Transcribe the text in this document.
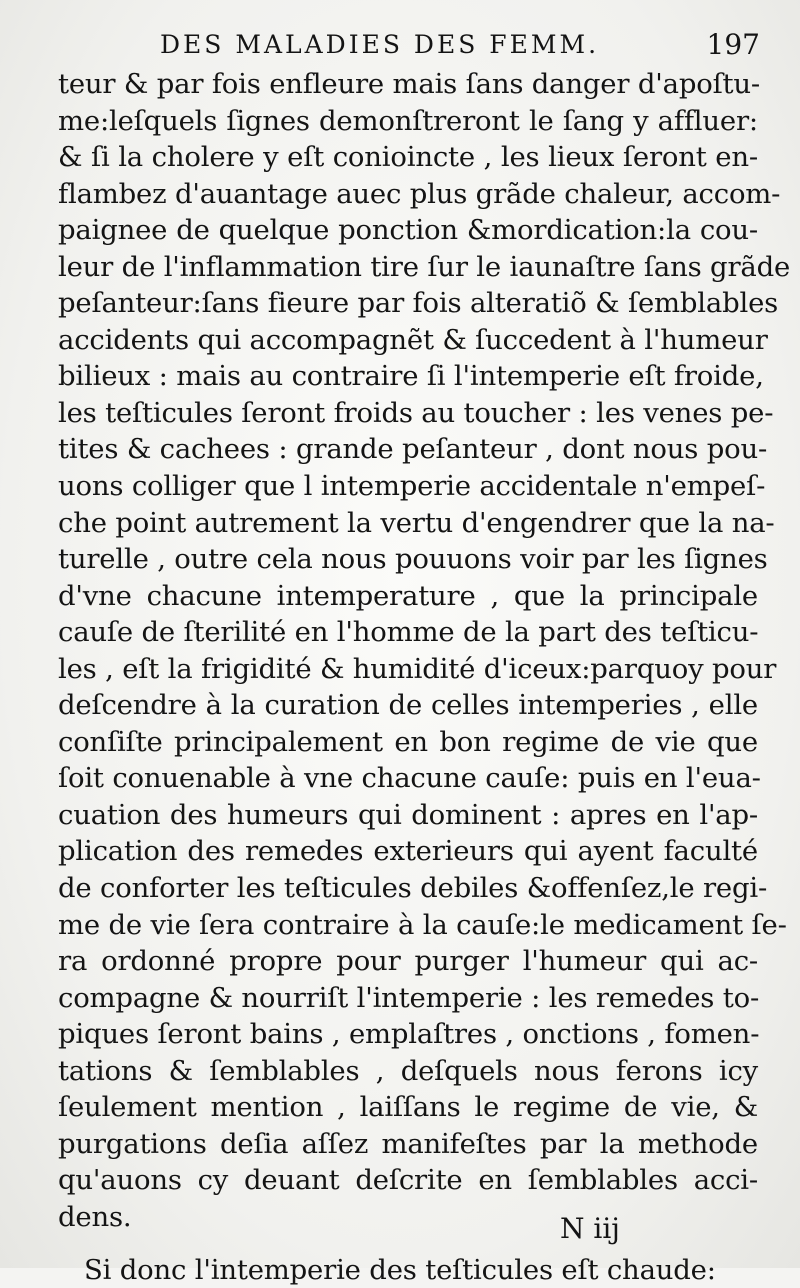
DES MALADIES DES FEMM.	197
teur & par fois enfleure mais ſans danger d'apoſtu-
me:leſquels ſignes demonſtreront le ſang y affluer:
& ſi la cholere y eſt conioincte , les lieux ſeront en-
flambez d'auantage auec plus grãde chaleur, accom-
paignee de quelque ponction &mordication:la cou-
leur de l'inflammation tire ſur le iaunaſtre ſans grãde
peſanteur:ſans fieure par fois alteratiõ & ſemblables
accidents qui accompagnẽt & ſuccedent à l'humeur
bilieux : mais au contraire ſi l'intemperie eſt froide,
les teſticules ſeront froids au toucher : les venes pe-
tites & cachees : grande peſanteur , dont nous pou-
uons colliger que l intemperie accidentale n'empeſ-
che point autrement la vertu d'engendrer que la na-
turelle , outre cela nous pouuons voir par les ſignes
d'vne chacune intemperature , que la principale
cauſe de ſterilité en l'homme de la part des teſticu-
les , eſt la frigidité & humidité d'iceux:parquoy pour
deſcendre à la curation de celles intemperies , elle
conſiſte principalement en bon regime de vie que
ſoit conuenable à vne chacune cauſe: puis en l'eua-
cuation des humeurs qui dominent : apres en l'ap-
plication des remedes exterieurs qui ayent faculté
de conforter les teſticules debiles &offenſez,le regi-
me de vie ſera contraire à la cauſe:le medicament ſe-
ra ordonné propre pour purger l'humeur qui ac-
compagne & nourriſt l'intemperie : les remedes to-
piques ſeront bains , emplaſtres , onctions , fomen-
tations & ſemblables , deſquels nous ferons icy
ſeulement mention , laiſſans le regime de vie, &
purgations deſia aſſez manifeſtes par la methode
qu'auons cy deuant deſcrite en ſemblables acci-
dens.
Si donc l'intemperie des teſticules eſt chaude:
N iij
